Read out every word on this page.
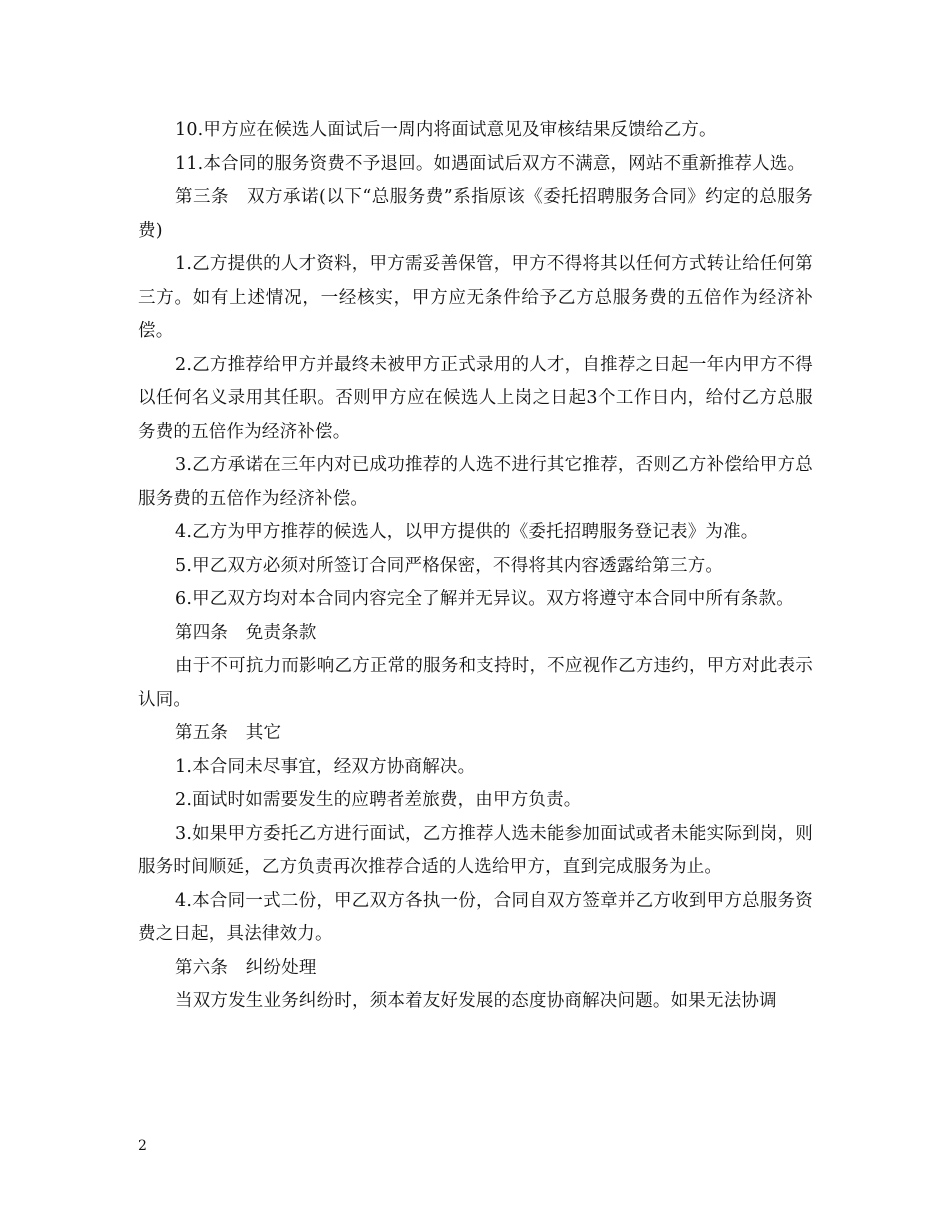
10.甲方应在候选人面试后一周内将面试意见及审核结果反馈给乙方。

11.本合同的服务资费不予退回。如遇面试后双方不满意，网站不重新推荐人选。

第三条　双方承诺(以下“总服务费”系指原该《委托招聘服务合同》约定的总服务费)

1.乙方提供的人才资料，甲方需妥善保管，甲方不得将其以任何方式转让给任何第三方。如有上述情况，一经核实，甲方应无条件给予乙方总服务费的五倍作为经济补偿。

2.乙方推荐给甲方并最终未被甲方正式录用的人才，自推荐之日起一年内甲方不得以任何名义录用其任职。否则甲方应在候选人上岗之日起3个工作日内，给付乙方总服务费的五倍作为经济补偿。

3.乙方承诺在三年内对已成功推荐的人选不进行其它推荐，否则乙方补偿给甲方总服务费的五倍作为经济补偿。

4.乙方为甲方推荐的候选人，以甲方提供的《委托招聘服务登记表》为准。

5.甲乙双方必须对所签订合同严格保密，不得将其内容透露给第三方。

6.甲乙双方均对本合同内容完全了解并无异议。双方将遵守本合同中所有条款。

第四条　免责条款

由于不可抗力而影响乙方正常的服务和支持时，不应视作乙方违约，甲方对此表示认同。

第五条　其它

1.本合同未尽事宜，经双方协商解决。

2.面试时如需要发生的应聘者差旅费，由甲方负责。

3.如果甲方委托乙方进行面试，乙方推荐人选未能参加面试或者未能实际到岗，则服务时间顺延，乙方负责再次推荐合适的人选给甲方，直到完成服务为止。

4.本合同一式二份，甲乙双方各执一份，合同自双方签章并乙方收到甲方总服务资费之日起，具法律效力。

第六条　纠纷处理

当双方发生业务纠纷时，须本着友好发展的态度协商解决问题。如果无法协调

2
